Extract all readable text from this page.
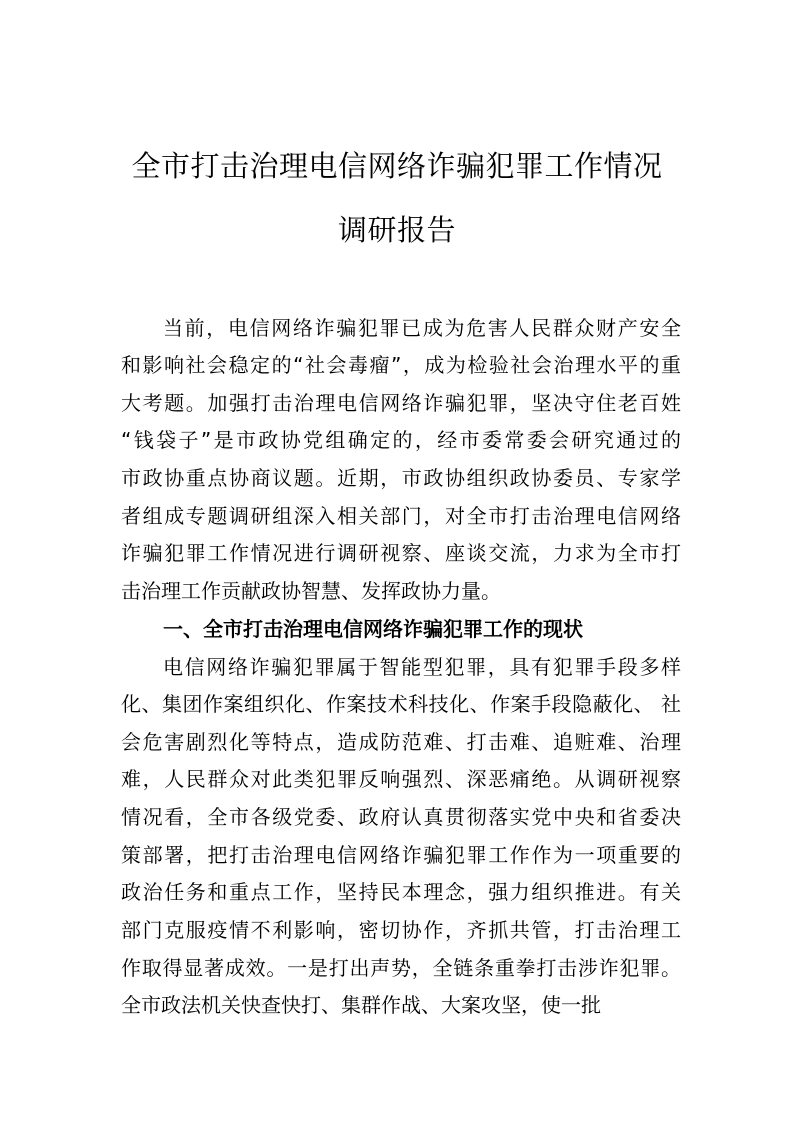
全市打击治理电信网络诈骗犯罪工作情况
调研报告
当前，电信网络诈骗犯罪已成为危害人民群众财产安全
和影响社会稳定的“社会毒瘤”，成为检验社会治理水平的重
大考题。加强打击治理电信网络诈骗犯罪，坚决守住老百姓
“钱袋子”是市政协党组确定的，经市委常委会研究通过的
市政协重点协商议题。近期，市政协组织政协委员、专家学
者组成专题调研组深入相关部门，对全市打击治理电信网络
诈骗犯罪工作情况进行调研视察、座谈交流，力求为全市打
击治理工作贡献政协智慧、发挥政协力量。
一、全市打击治理电信网络诈骗犯罪工作的现状
电信网络诈骗犯罪属于智能型犯罪，具有犯罪手段多样
化、集团作案组织化、作案技术科技化、作案手段隐蔽化、 社
会危害剧烈化等特点，造成防范难、打击难、追赃难、治理
难，人民群众对此类犯罪反响强烈、深恶痛绝。从调研视察
情况看，全市各级党委、政府认真贯彻落实党中央和省委决
策部署，把打击治理电信网络诈骗犯罪工作作为一项重要的
政治任务和重点工作，坚持民本理念，强力组织推进。有关
部门克服疫情不利影响，密切协作，齐抓共管，打击治理工
作取得显著成效。一是打出声势，全链条重拳打击涉诈犯罪。
全市政法机关快查快打、集群作战、大案攻坚，使一批
